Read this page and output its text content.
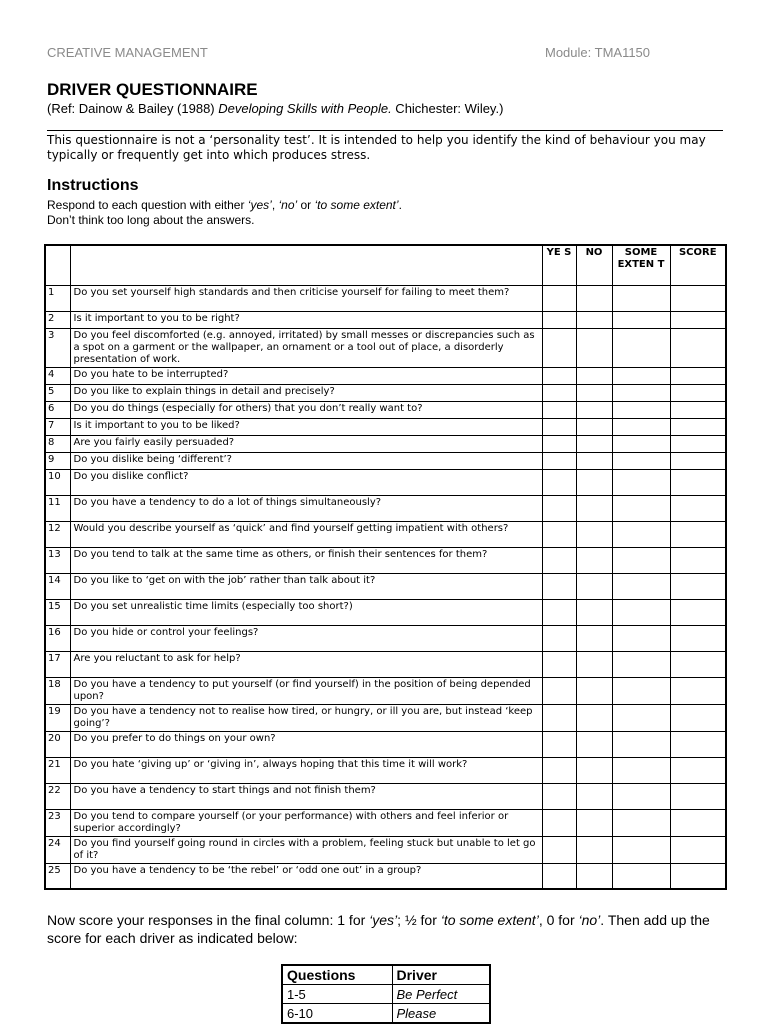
CREATIVE MANAGEMENT	Module: TMA1150
DRIVER QUESTIONNAIRE
(Ref: Dainow & Bailey (1988) Developing Skills with People. Chichester: Wiley.)
This questionnaire is not a ‘personality test’. It is intended to help you identify the kind of behaviour you may typically or frequently get into which produces stress.
Instructions
Respond to each question with either ‘yes’, ‘no’ or ‘to some extent’.
Don’t think too long about the answers.
		YE S	NO	SOME EXTEN T	SCORE
1	Do you set yourself high standards and then criticise yourself for failing to meet them?				
2	Is it important to you to be right?				
3	Do you feel discomforted (e.g. annoyed, irritated) by small messes or discrepancies such as a spot on a garment or the wallpaper, an ornament or a tool out of place, a disorderly presentation of work.				
4	Do you hate to be interrupted?				
5	Do you like to explain things in detail and precisely?				
6	Do you do things (especially for others) that you don’t really want to?				
7	Is it important to you to be liked?				
8	Are you fairly easily persuaded?				
9	Do you dislike being ‘different’?				
10	Do you dislike conflict?				
11	Do you have a tendency to do a lot of things simultaneously?				
12	Would you describe yourself as ‘quick’ and find yourself getting impatient with others?				
13	Do you tend to talk at the same time as others, or finish their sentences for them?				
14	Do you like to ‘get on with the job’ rather than talk about it?				
15	Do you set unrealistic time limits (especially too short?)				
16	Do you hide or control your feelings?				
17	Are you reluctant to ask for help?				
18	Do you have a tendency to put yourself (or find yourself) in the position of being depended upon?				
19	Do you have a tendency not to realise how tired, or hungry, or ill you are, but instead ‘keep going’?				
20	Do you prefer to do things on your own?				
21	Do you hate ‘giving up’ or ‘giving in’, always hoping that this time it will work?				
22	Do you have a tendency to start things and not finish them?				
23	Do you tend to compare yourself (or your performance) with others and feel inferior or superior accordingly?				
24	Do you find yourself going round in circles with a problem, feeling stuck but unable to let go of it?				
25	Do you have a tendency to be ‘the rebel’ or ‘odd one out’ in a group?				
Now score your responses in the final column: 1 for ‘yes’; ½ for ‘to some extent’, 0 for ‘no’. Then add up the score for each driver as indicated below:
Questions	Driver
1-5	Be Perfect
6-10	Please
